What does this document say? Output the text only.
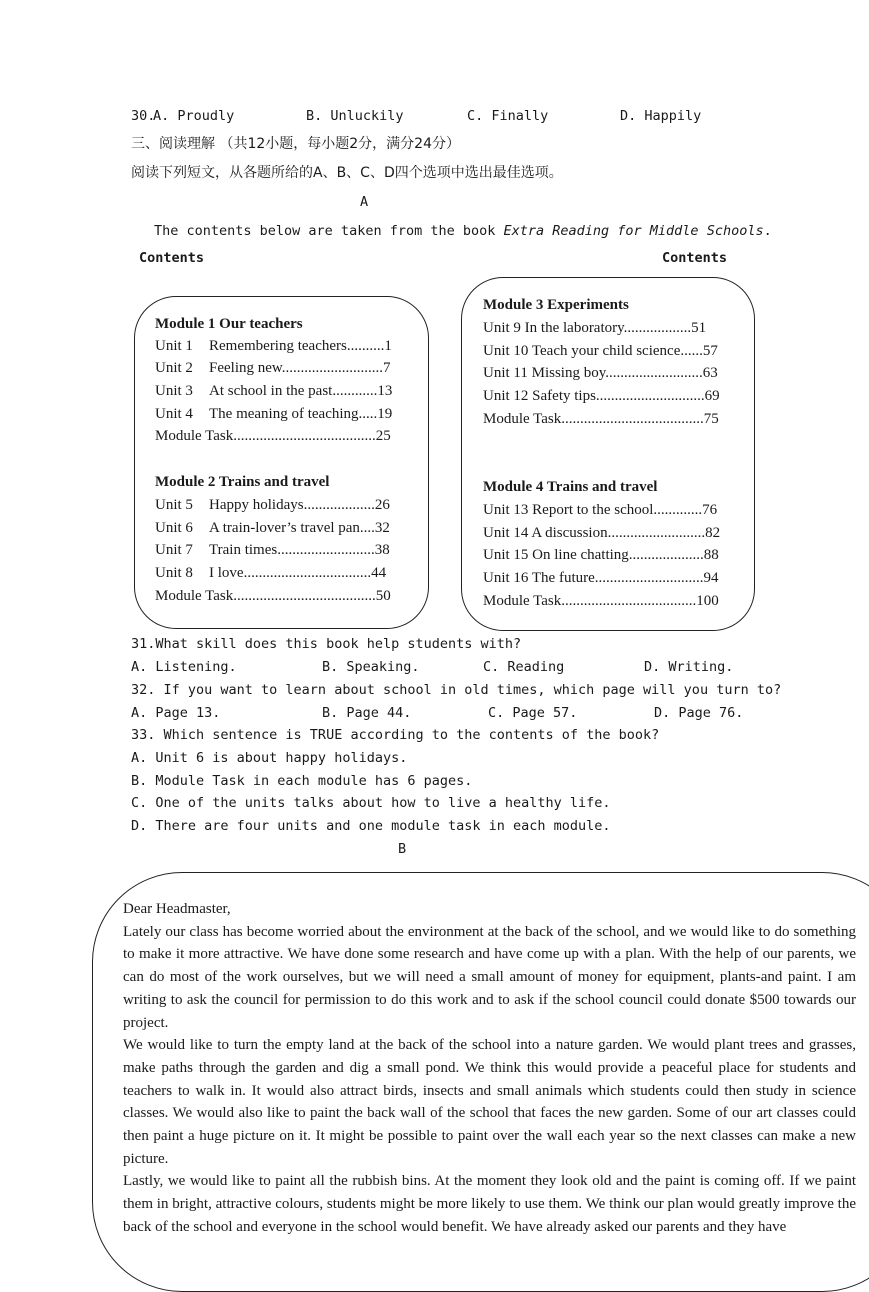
30.
A. Proudly	B. Unluckily	C. Finally	D. Happily
三、阅读理解 （共12小题，每小题2分，满分24分）
阅读下列短文，从各题所给的A、B、C、D四个选项中选出最佳选项。
A
The contents below are taken from the book Extra Reading for Middle Schools.
Contents	Contents
Module 1 Our teachers
Unit 1 Remembering teachers..........1
Unit 2 Feeling new...........................7
Unit 3 At school in the past............13
Unit 4 The meaning of teaching.....19
Module Task......................................25
Module 2 Trains and travel
Unit 5 Happy holidays...................26
Unit 6 A train-lover’s travel pan....32
Unit 7 Train times..........................38
Unit 8 I love..................................44
Module Task......................................50
Module 3 Experiments
Unit 9 In the laboratory..................51
Unit 10 Teach your child science......57
Unit 11 Missing boy..........................63
Unit 12 Safety tips.............................69
Module Task......................................75
Module 4 Trains and travel
Unit 13 Report to the school.............76
Unit 14 A discussion..........................82
Unit 15 On line chatting....................88
Unit 16 The future.............................94
Module Task....................................100
31.What skill does this book help students with?
A. Listening.	B. Speaking.	C. Reading	D. Writing.
32. If you want to learn about school in old times, which page will you turn to?
A. Page 13.	B. Page 44.	C. Page 57.	D. Page 76.
33. Which sentence is TRUE according to the contents of the book?
A. Unit 6 is about happy holidays.
B. Module Task in each module has 6 pages.
C. One of the units talks about how to live a healthy life.
D. There are four units and one module task in each module.
B

Dear Headmaster,

Lately our class has become worried about the environment at the back of the school, and we would like to do something to make it more attractive. We have done some research and have come up with a plan. With the help of our parents, we can do most of the work ourselves, but we will need a small amount of money for equipment, plants-and paint. I am writing to ask the council for permission to do this work and to ask if the school council could donate $500 towards our project.

We would like to turn the empty land at the back of the school into a nature garden. We would plant trees and grasses, make paths through the garden and dig a small pond. We think this would provide a peaceful place for students and teachers to walk in. It would also attract birds, insects and small animals which students could then study in science classes. We would also like to paint the back wall of the school that faces the new garden. Some of our art classes could then paint a huge picture on it. It might be possible to paint over the wall each year so the next classes can make a new picture.

Lastly, we would like to paint all the rubbish bins. At the moment they look old and the paint is coming off. If we paint them in bright, attractive colours, students might be more likely to use them. We think our plan would greatly improve the back of the school and everyone in the school would benefit. We have already asked our parents and they have
